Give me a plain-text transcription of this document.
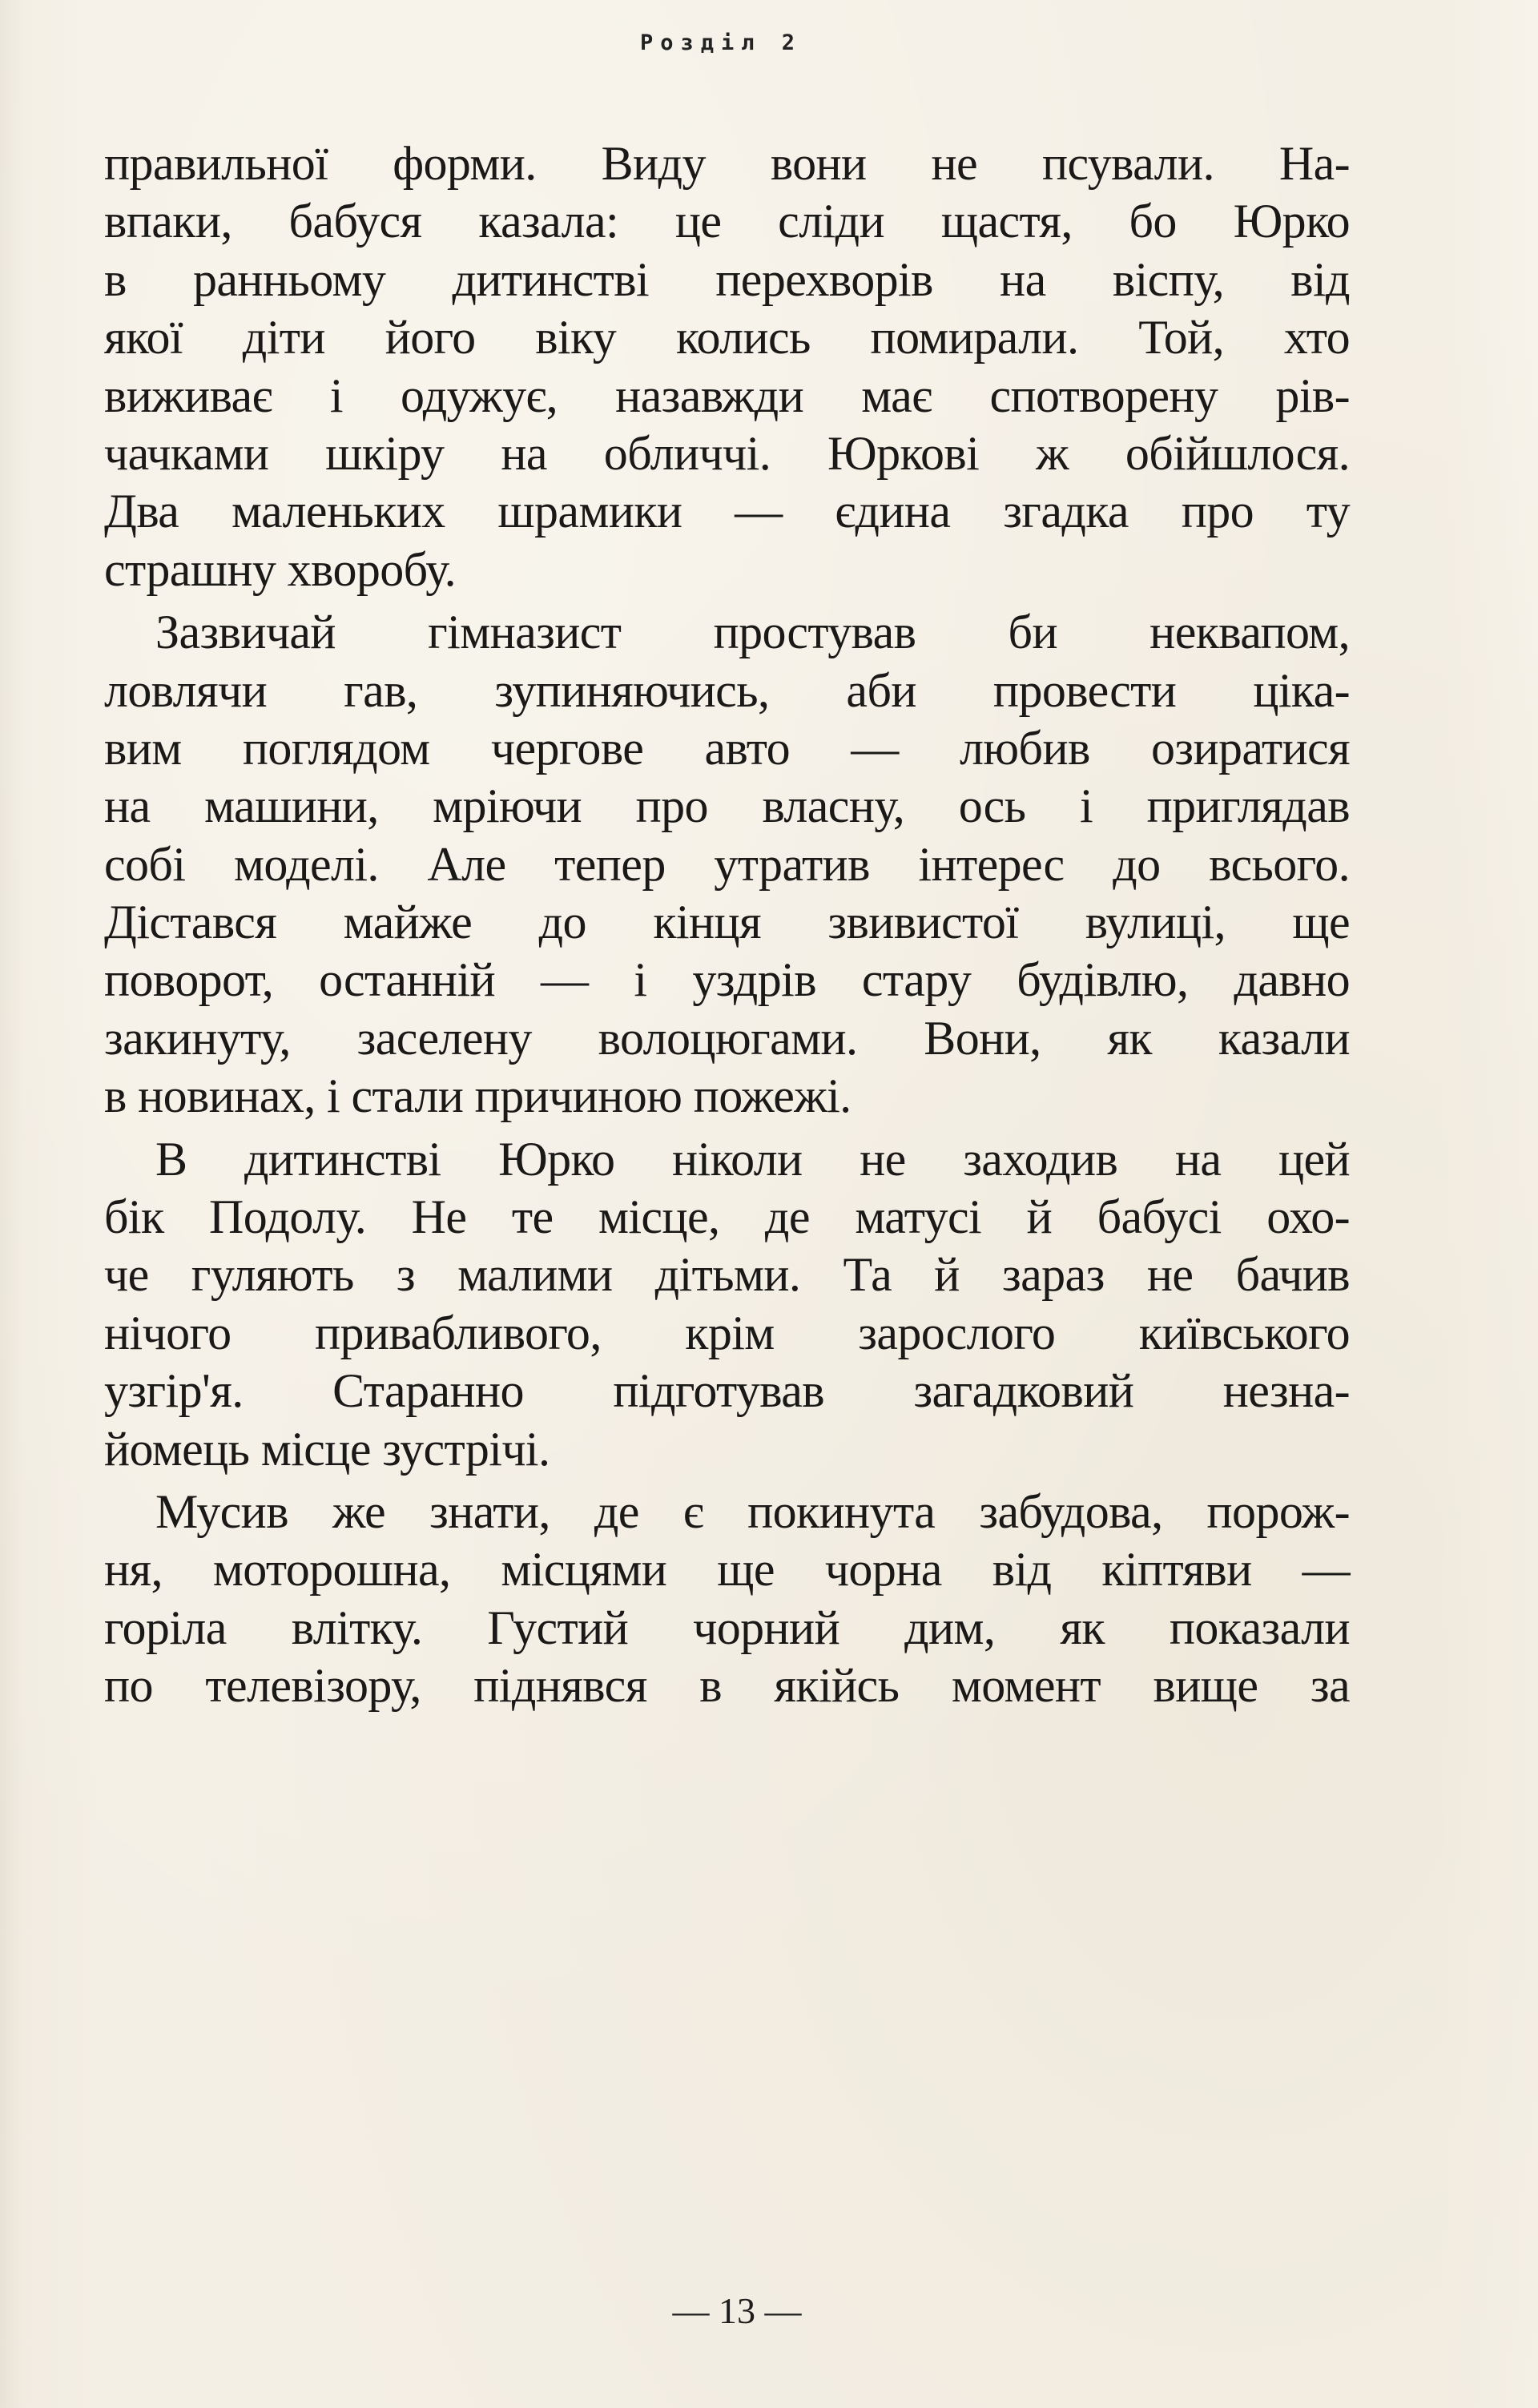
Розділ 2
правильної форми. Виду вони не псували. На-
впаки, бабуся казала: це сліди щастя, бо Юрко
в ранньому дитинстві перехворів на віспу, від
якої діти його віку колись помирали. Той, хто
виживає і одужує, назавжди має спотворену рів-
чачками шкіру на обличчі. Юркові ж обійшлося.
Два маленьких шрамики — єдина згадка про ту
страшну хворобу.
Зазвичай гімназист простував би неквапом,
ловлячи гав, зупиняючись, аби провести ціка-
вим поглядом чергове авто — любив озиратися
на машини, мріючи про власну, ось і приглядав
собі моделі. Але тепер утратив інтерес до всього.
Дістався майже до кінця звивистої вулиці, ще
поворот, останній — і уздрів стару будівлю, давно
закинуту, заселену волоцюгами. Вони, як казали
в новинах, і стали причиною пожежі.
В дитинстві Юрко ніколи не заходив на цей
бік Подолу. Не те місце, де матусі й бабусі охо-
че гуляють з малими дітьми. Та й зараз не бачив
нічого привабливого, крім зарослого київського
узгір'я. Старанно підготував загадковий незна-
йомець місце зустрічі.
Мусив же знати, де є покинута забудова, порож-
ня, моторошна, місцями ще чорна від кіптяви —
горіла влітку. Густий чорний дим, як показали
по телевізору, піднявся в якійсь момент вище за
— 13 —
